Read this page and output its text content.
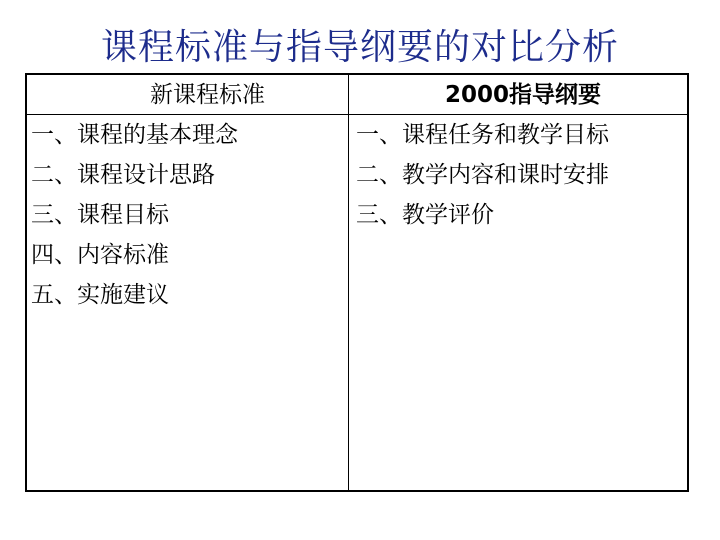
课程标准与指导纲要的对比分析
新课程标准
一、课程的基本理念
二、课程设计思路
三、课程目标
四、内容标准
五、实施建议
2000指导纲要
一、课程任务和教学目标
二、教学内容和课时安排
三、教学评价
